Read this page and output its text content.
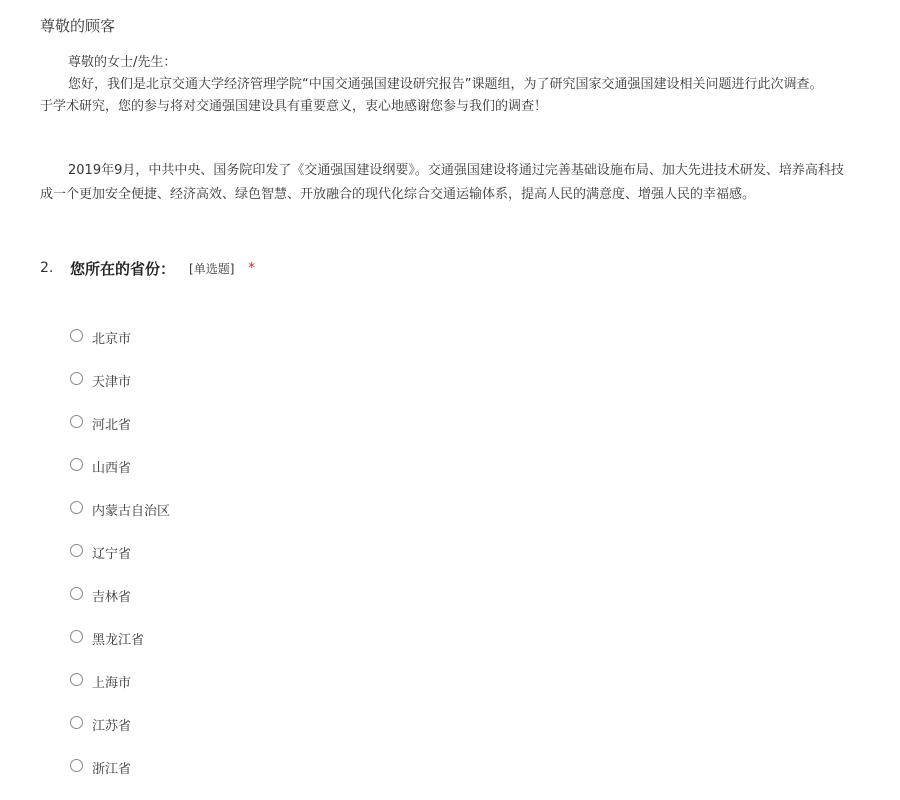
尊敬的顾客

尊敬的女士/先生：

您好，我们是北京交通大学经济管理学院“中国交通强国建设研究报告”课题组，为了研究国家交通强国建设相关问题进行此次调查。

于学术研究，您的参与将对交通强国建设具有重要意义，衷心地感谢您参与我们的调查！

2019年9月，中共中央、国务院印发了《交通强国建设纲要》。交通强国建设将通过完善基础设施布局、加大先进技术研发、培养高科技

成一个更加安全便捷、经济高效、绿色智慧、开放融合的现代化综合交通运输体系，提高人民的满意度、增强人民的幸福感。

2.	您所在的省份： [单选题] *
北京市
天津市
河北省
山西省
内蒙古自治区
辽宁省
吉林省
黑龙江省
上海市
江苏省
浙江省
